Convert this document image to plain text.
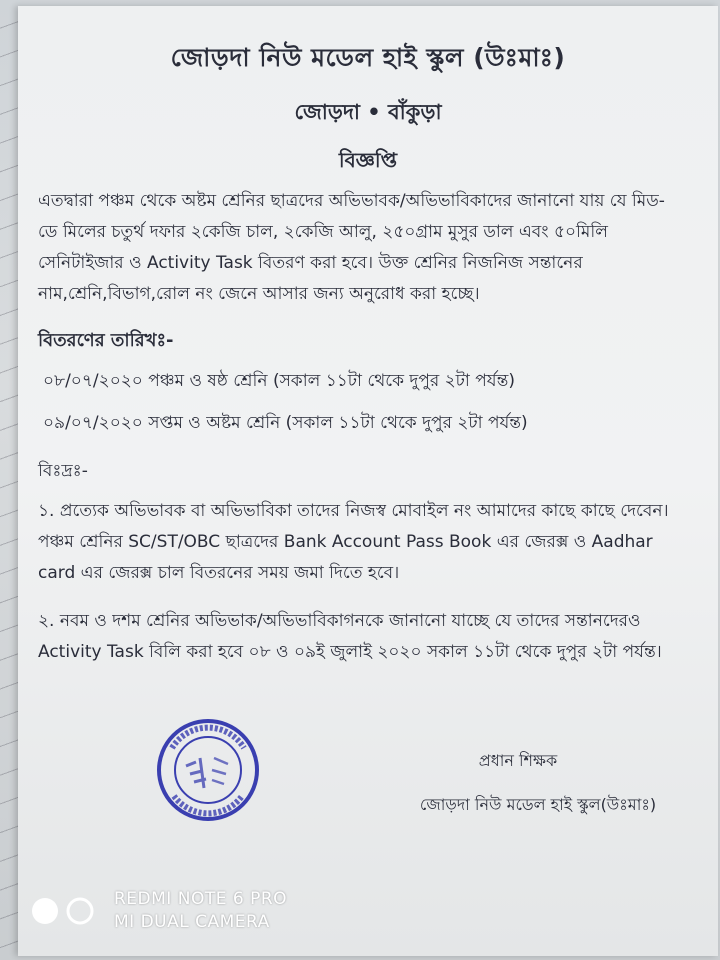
জোড়দা নিউ মডেল হাই স্কুল (উঃমাঃ)
জোড়দা • বাঁকুড়া
বিজ্ঞপ্তি

এতদ্বারা পঞ্চম থেকে অষ্টম শ্রেনির ছাত্রদের অভিভাবক/অভিভাবিকাদের জানানো যায় যে মিড-ডে মিলের চতুর্থ দফার ২কেজি চাল, ২কেজি আলু, ২৫০গ্রাম মুসুর ডাল এবং ৫০মিলি সেনিটাইজার ও Activity Task বিতরণ করা হবে। উক্ত শ্রেনির নিজনিজ সন্তানের নাম,শ্রেনি,বিভাগ,রোল নং জেনে আসার জন্য অনুরোধ করা হচ্ছে।

বিতরণের তারিখঃ-
০৮/০৭/২০২০ পঞ্চম ও ষষ্ঠ শ্রেনি (সকাল ১১টা থেকে দুপুর ২টা পর্যন্ত)
০৯/০৭/২০২০ সপ্তম ও অষ্টম শ্রেনি (সকাল ১১টা থেকে দুপুর ২টা পর্যন্ত)
বিঃদ্রঃ-

১. প্রত্যেক অভিভাবক বা অভিভাবিকা তাদের নিজস্ব মোবাইল নং আমাদের কাছে কাছে দেবেন। পঞ্চম শ্রেনির SC/ST/OBC ছাত্রদের Bank Account Pass Book এর জেরক্স ও Aadhar card এর জেরক্স চাল বিতরনের সময় জমা দিতে হবে।

২. নবম ও দশম শ্রেনির অভিভাক/অভিভাবিকাগনকে জানানো যাচ্ছে যে তাদের সন্তানদেরও Activity Task বিলি করা হবে ০৮ ও ০৯ই জুলাই ২০২০ সকাল ১১টা থেকে দুপুর ২টা পর্যন্ত।

প্রধান শিক্ষক
জোড়দা নিউ মডেল হাই স্কুল(উঃমাঃ)
REDMI NOTE 6 PRO
MI DUAL CAMERA
